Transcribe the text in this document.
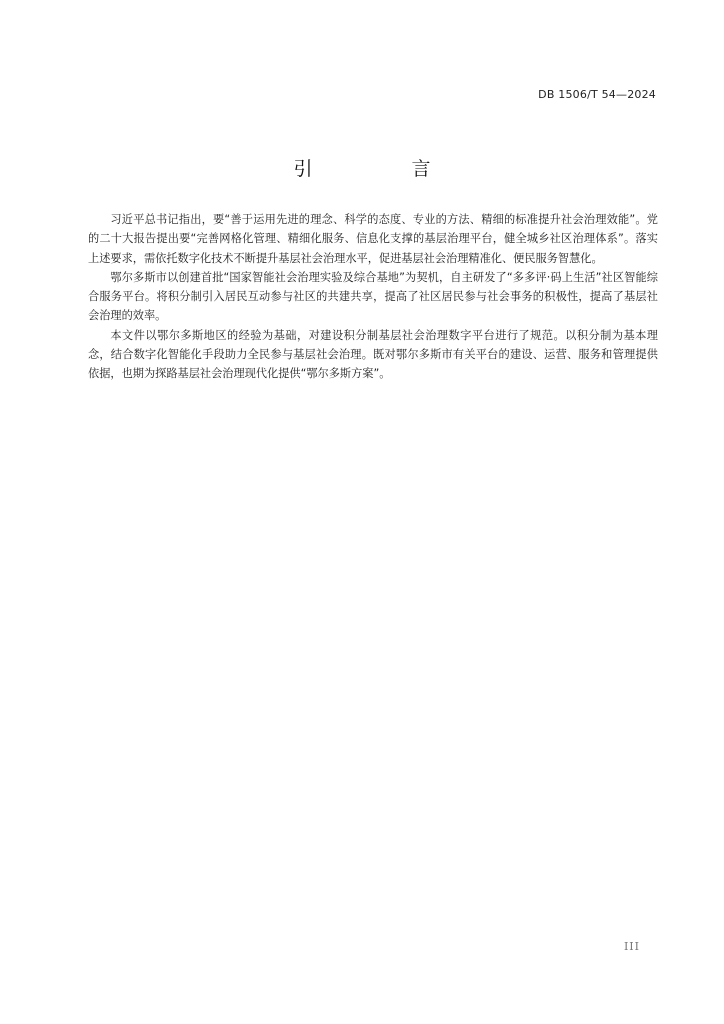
DB 1506/T 54—2024
引　言

习近平总书记指出，要“善于运用先进的理念、科学的态度、专业的方法、精细的标准提升社会治理效能”。党的二十大报告提出要“完善网格化管理、精细化服务、信息化支撑的基层治理平台，健全城乡社区治理体系”。落实上述要求，需依托数字化技术不断提升基层社会治理水平，促进基层社会治理精准化、便民服务智慧化。

鄂尔多斯市以创建首批“国家智能社会治理实验及综合基地”为契机，自主研发了“多多评·码上生活”社区智能综合服务平台。将积分制引入居民互动参与社区的共建共享，提高了社区居民参与社会事务的积极性，提高了基层社会治理的效率。

本文件以鄂尔多斯地区的经验为基础，对建设积分制基层社会治理数字平台进行了规范。以积分制为基本理念，结合数字化智能化手段助力全民参与基层社会治理。既对鄂尔多斯市有关平台的建设、运营、服务和管理提供依据，也期为探路基层社会治理现代化提供“鄂尔多斯方案”。

III
